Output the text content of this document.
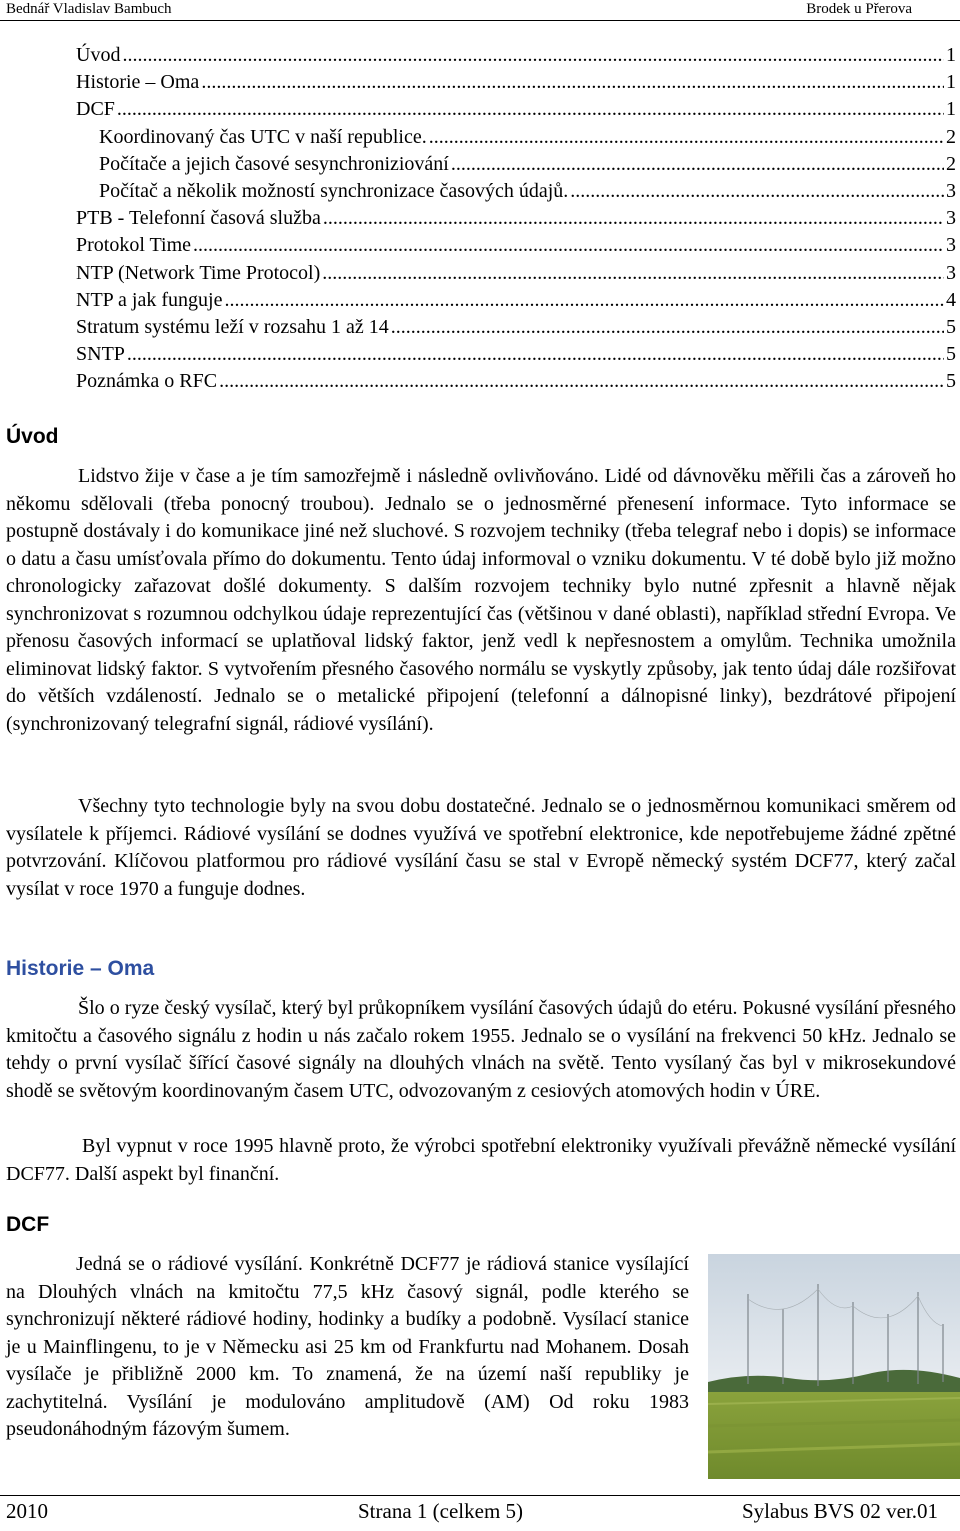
Bednář Vladislav Bambuch	Brodek u Přerova
Úvod .....	1
Historie – Oma .....	1
DCF .....	1
Koordinovaný čas UTC v naší republice. .....	2
Počítače a jejich časové sesynchroniziování .....	2
Počítač a několik možností synchronizace časových údajů. .....	3
PTB - Telefonní časová služba .....	3
Protokol Time .....	3
NTP (Network Time Protocol) .....	3
NTP a jak funguje .....	4
Stratum systému leží v rozsahu 1 až 14 .....	5
SNTP .....	5
Poznámka o RFC .....	5
Úvod

Lidstvo žije v čase a je tím samozřejmě i následně ovlivňováno. Lidé od dávnověku měřili čas a zároveň ho někomu sdělovali (třeba ponocný troubou). Jednalo se o jednosměrné přenesení informace. Tyto informace se postupně dostávaly i do komunikace jiné než sluchové. S rozvojem techniky (třeba telegraf nebo i dopis) se informace o datu a času umísťovala přímo do dokumentu. Tento údaj informoval o vzniku dokumentu. V té době bylo již možno chronologicky zařazovat došlé dokumenty. S dalším rozvojem techniky bylo nutné zpřesnit a hlavně nějak synchronizovat s rozumnou odchylkou údaje reprezentující čas (většinou v dané oblasti), například střední Evropa. Ve přenosu časových informací se uplatňoval lidský faktor, jenž vedl k nepřesnostem a omylům. Technika umožnila eliminovat lidský faktor. S vytvořením přesného časového normálu se vyskytly způsoby, jak tento údaj dále rozšiřovat do větších vzdáleností. Jednalo se o metalické připojení (telefonní a dálnopisné linky), bezdrátové připojení (synchronizovaný telegrafní signál, rádiové vysílání).

Všechny tyto technologie byly na svou dobu dostatečné. Jednalo se o jednosměrnou komunikaci směrem od vysílatele k příjemci. Rádiové vysílání se dodnes využívá ve spotřební elektronice, kde nepotřebujeme žádné zpětné potvrzování. Klíčovou platformou pro rádiové vysílání času se stal v Evropě německý systém DCF77, který začal vysílat v roce 1970 a funguje dodnes.

Historie – Oma

Šlo o ryze český vysílač, který byl průkopníkem vysílání časových údajů do etéru. Pokusné vysílání přesného kmitočtu a časového signálu z hodin u nás začalo rokem 1955. Jednalo se o vysílání na frekvenci 50 kHz. Jednalo se tehdy o první vysílač šířící časové signály na dlouhých vlnách na světě. Tento vysílaný čas byl v mikrosekundové shodě se světovým koordinovaným časem UTC, odvozovaným z cesiových atomových hodin v ÚRE.

Byl vypnut v roce 1995 hlavně proto, že výrobci spotřební elektroniky využívali převážně německé vysílání DCF77. Další aspekt byl finanční.

DCF

Jedná se o rádiové vysílání. Konkrétně DCF77 je rádiová stanice vysílající na Dlouhých vlnách na kmitočtu 77,5 kHz časový signál, podle kterého se synchronizují některé rádiové hodiny, hodinky a budíky a podobně. Vysílací stanice je u Mainflingenu, to je v Německu asi 25 km od Frankfurtu nad Mohanem. Dosah vysílače je přibližně 2000 km. To znamená, že na území naší republiky je zachytitelná. Vysílání je modulováno amplitudově (AM) Od roku 1983 pseudonáhodným fázovým šumem.

2010	Strana 1 (celkem 5)	Sylabus BVS 02 ver.01
